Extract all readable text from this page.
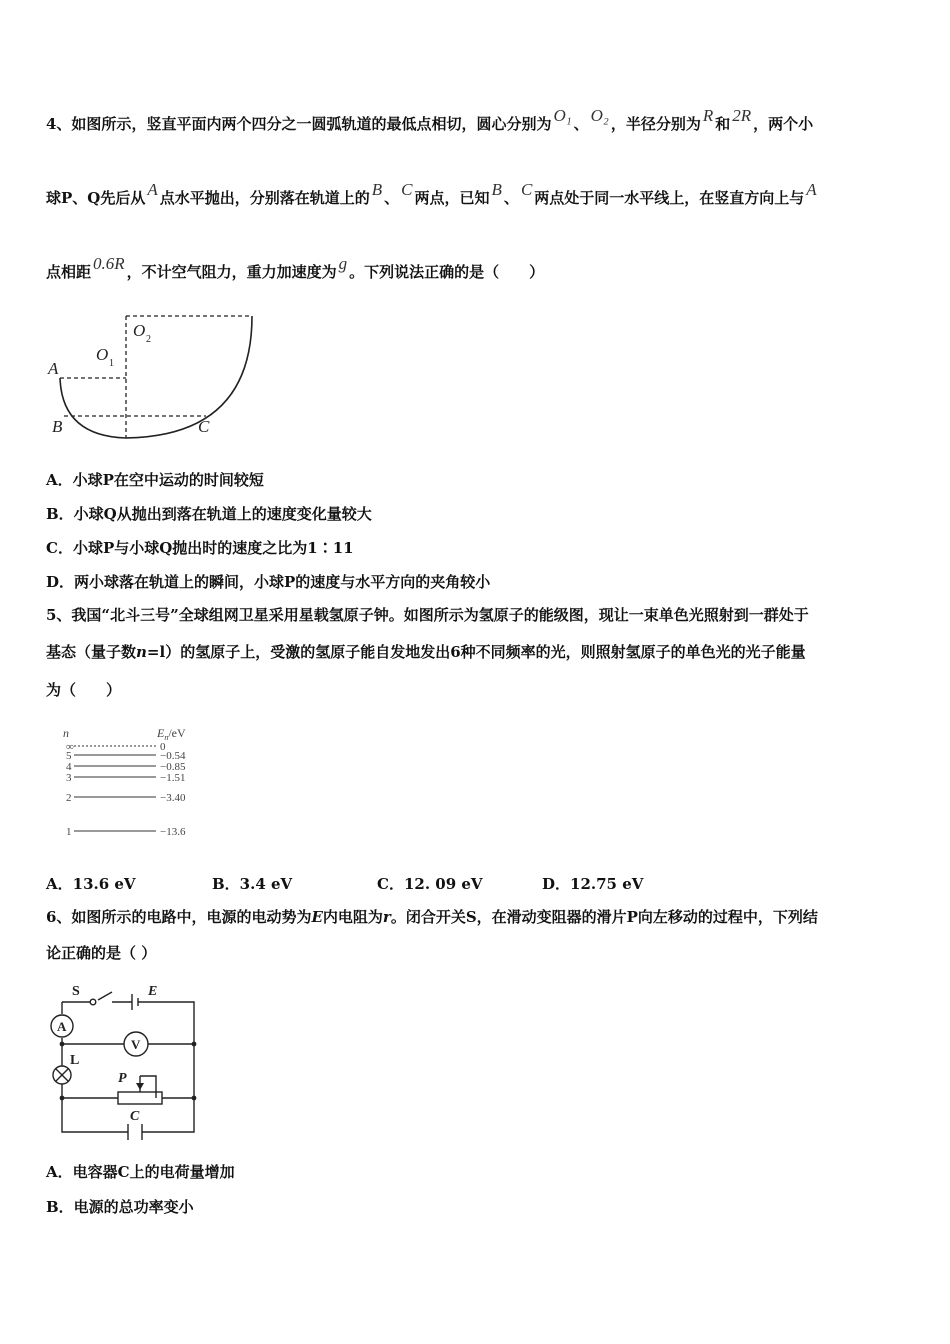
4、如图所示，竖直平面内两个四分之一圆弧轨道的最低点相切，圆心分别为 O₁ 、 O₂ ，半径分别为 R 和 2R ，两个小
球P、Q先后从 A 点水平抛出，分别落在轨道上的 B 、 C 两点，已知 B 、 C 两点处于同一水平线上，在竖直方向上与 A
点相距 0.6R ，不计空气阻力，重力加速度为 g 。下列说法正确的是（　　）
A
B	C
O 1
O 2
A．小球P在空中运动的时间较短
B．小球Q从抛出到落在轨道上的速度变化量较大
C．小球P与小球Q抛出时的速度之比为1∶11
D．两小球落在轨道上的瞬间，小球P的速度与水平方向的夹角较小
5、我国“北斗三号”全球组网卫星采用星载氢原子钟。如图所示为氢原子的能级图，现让一束单色光照射到一群处于
基态（量子数n=l）的氢原子上，受激的氢原子能自发地发出6种不同频率的光，则照射氢原子的单色光的光子能量
为（　　）
n	$E_n/eV$
∞	0
5	−0.54
4	−0.85
3	−1.51
2	−3.40
1	−13.6
A．13.6 eV	B．3.4 eV	C．12. 09 eV	D．12.75 eV
6、如图所示的电路中，电源的电动势为E内电阻为r。闭合开关S，在滑动变阻器的滑片P向左移动的过程中，下列结
论正确的是（ ）
S	E
A
V
L
P
C
A．电容器C上的电荷量增加
B．电源的总功率变小
